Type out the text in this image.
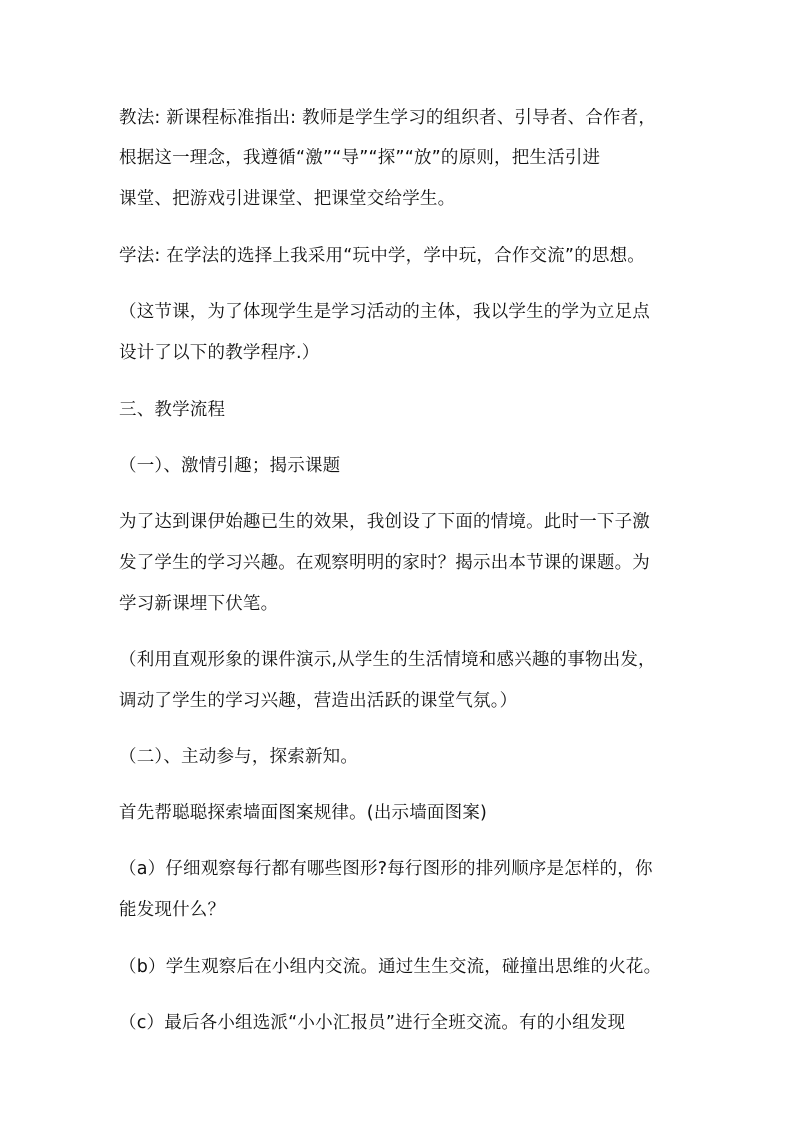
教法: 新课程标准指出: 教师是学生学习的组织者、引导者、合作者，
根据这一理念，我遵循“激”“导”“探”“放”的原则，把生活引进
课堂、把游戏引进课堂、把课堂交给学生。
学法: 在学法的选择上我采用“玩中学，学中玩，合作交流”的思想。
（这节课，为了体现学生是学习活动的主体，我以学生的学为立足点
设计了以下的教学程序.）
三、教学流程
（一）、激情引趣；揭示课题
为了达到课伊始趣已生的效果，我创设了下面的情境。此时一下子激
发了学生的学习兴趣。在观察明明的家时？揭示出本节课的课题。为
学习新课埋下伏笔。
（利用直观形象的课件演示,从学生的生活情境和感兴趣的事物出发，
调动了学生的学习兴趣，营造出活跃的课堂气氛。）
（二）、主动参与，探索新知。
首先帮聪聪探索墙面图案规律。(出示墙面图案)
（a）仔细观察每行都有哪些图形?每行图形的排列顺序是怎样的，你
能发现什么？
（b）学生观察后在小组内交流。通过生生交流，碰撞出思维的火花。
（c）最后各小组选派“小小汇报员”进行全班交流。有的小组发现
